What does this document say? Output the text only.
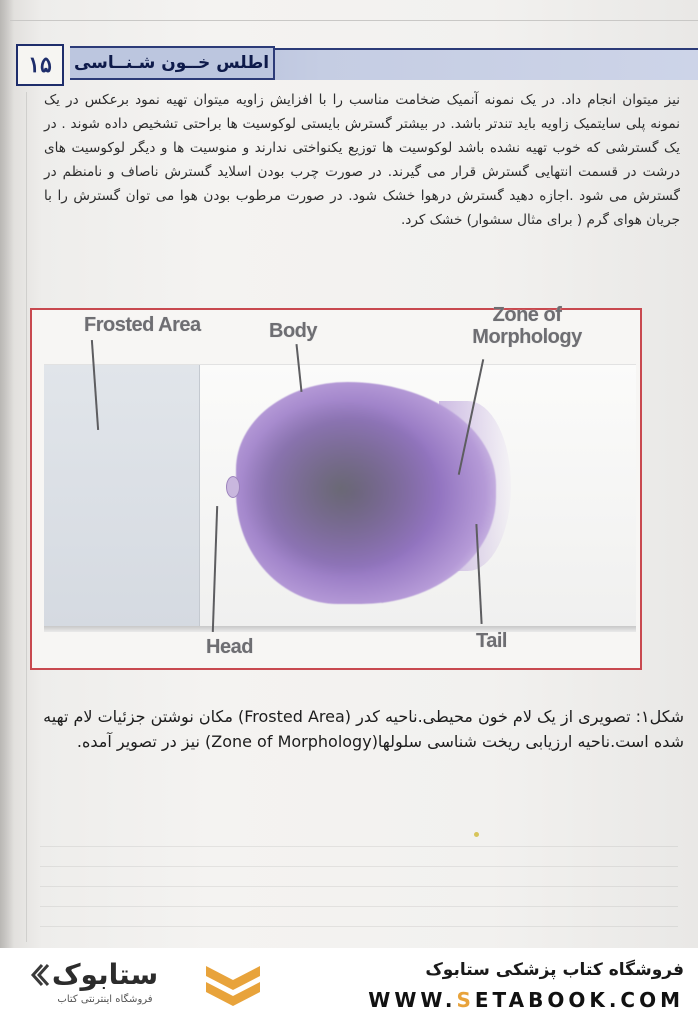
اطلس خــون شـنــاسی
۱۵

نیز میتوان انجام داد. در یک نمونه آنمیک ضخامت مناسب را با افزایش زاویه میتوان تهیه نمود برعکس در یک نمونه پلی سایتمیک زاویه باید تندتر باشد. در بیشتر گسترش بایستی لوکوسیت ها براحتی تشخیص داده شوند . در یک گسترشی که خوب تهیه نشده باشد لوکوسیت ها توزیع یکنواختی ندارند و منوسیت ها و دیگر لوکوسیت های درشت در قسمت انتهایی گسترش قرار می گیرند. در صورت چرب بودن اسلاید گسترش ناصاف و نامنظم در گسترش می شود .اجازه دهید گسترش درهوا خشک شود. در صورت مرطوب بودن هوا می توان گسترش را با جریان هوای گرم ( برای مثال سشوار) خشک کرد.

Frosted Area	Body
Zone of
Morphology
Head	Tail

شکل۱: تصویری از یک لام خون محیطی.ناحیه کدر (Frosted Area) مکان نوشتن جزئیات لام تهیه شده است.ناحیه ارزیابی ریخت شناسی سلولها(Zone of Morphology) نیز در تصویر آمده.

ستابوک
فروشگاه اینترنتی کتاب
فروشگاه کتاب پزشکی ستابوک
WWW.SETABOOK.COM
